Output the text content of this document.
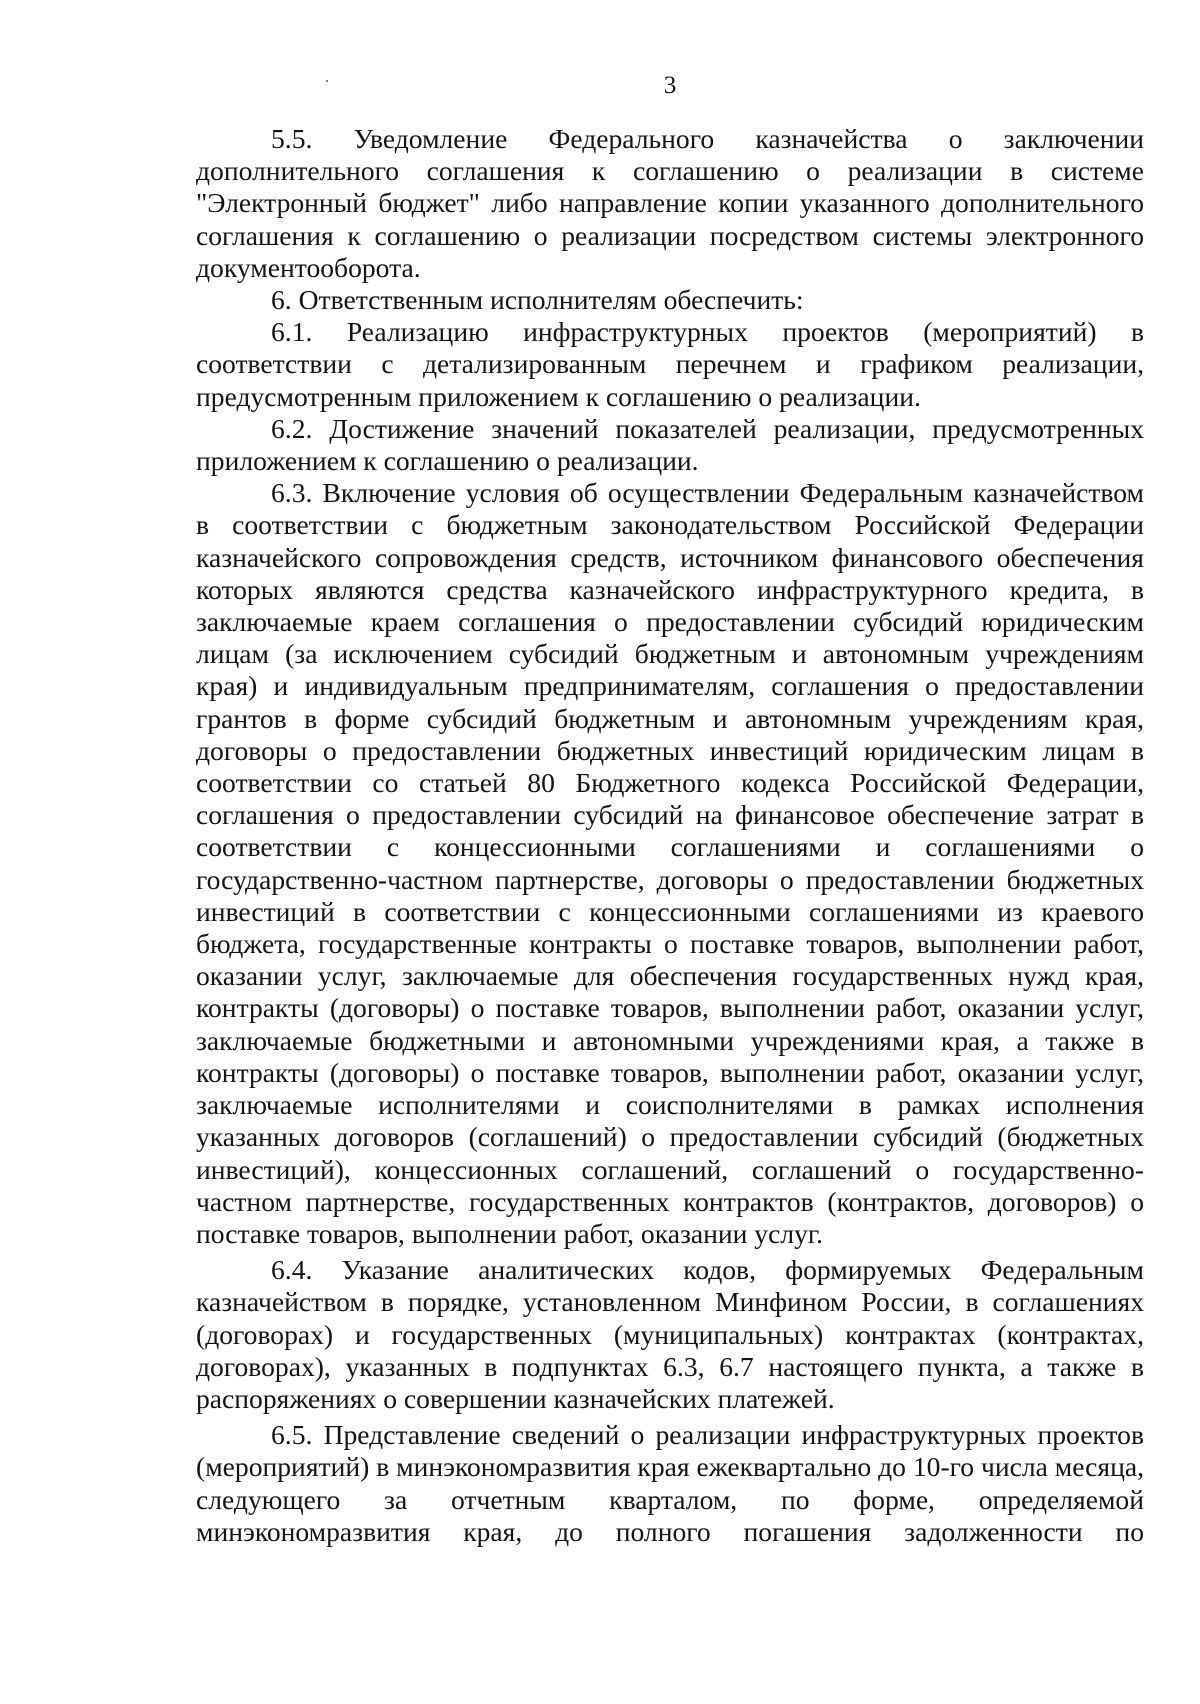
3

5.5. Уведомление Федерального казначейства о заключении дополнительного соглашения к соглашению о реализации в системе "Электронный бюджет" либо направление копии указанного дополнительного соглашения к соглашению о реализации посредством системы электронного документооборота.

6. Ответственным исполнителям обеспечить:

6.1. Реализацию инфраструктурных проектов (мероприятий) в соответствии с детализированным перечнем и графиком реализации, предусмотренным приложением к соглашению о реализации.

6.2. Достижение значений показателей реализации, предусмотренных приложением к соглашению о реализации.

6.3. Включение условия об осуществлении Федеральным казначейством в соответствии с бюджетным законодательством Российской Федерации казначейского сопровождения средств, источником финансового обеспечения которых являются средства казначейского инфраструктурного кредита, в заключаемые краем соглашения о предоставлении субсидий юридическим лицам (за исключением субсидий бюджетным и автономным учреждениям края) и индивидуальным предпринимателям, соглашения о предоставлении грантов в форме субсидий бюджетным и автономным учреждениям края, договоры о предоставлении бюджетных инвестиций юридическим лицам в соответствии со статьей 80 Бюджетного кодекса Российской Федерации, соглашения о предоставлении субсидий на финансовое обеспечение затрат в соответствии с концессионными соглашениями и соглашениями о государственно-частном партнерстве, договоры о предоставлении бюджетных инвестиций в соответствии с концессионными соглашениями из краевого бюджета, государственные контракты о поставке товаров, выполнении работ, оказании услуг, заключаемые для обеспечения государственных нужд края, контракты (договоры) о поставке товаров, выполнении работ, оказании услуг, заключаемые бюджетными и автономными учреждениями края, а также в контракты (договоры) о поставке товаров, выполнении работ, оказании услуг, заключаемые исполнителями и соисполнителями в рамках исполнения указанных договоров (соглашений) о предоставлении субсидий (бюджетных инвестиций), концессионных соглашений, соглашений о государственно-частном партнерстве, государственных контрактов (контрактов, договоров) о поставке товаров, выполнении работ, оказании услуг.

6.4. Указание аналитических кодов, формируемых Федеральным казначейством в порядке, установленном Минфином России, в соглашениях (договорах) и государственных (муниципальных) контрактах (контрактах, договорах), указанных в подпунктах 6.3, 6.7 настоящего пункта, а также в распоряжениях о совершении казначейских платежей.

6.5. Представление сведений о реализации инфраструктурных проектов (мероприятий) в минэкономразвития края ежеквартально до 10-го числа месяца, следующего за отчетным кварталом, по форме, определяемой минэкономразвития края, до полного погашения задолженности по
